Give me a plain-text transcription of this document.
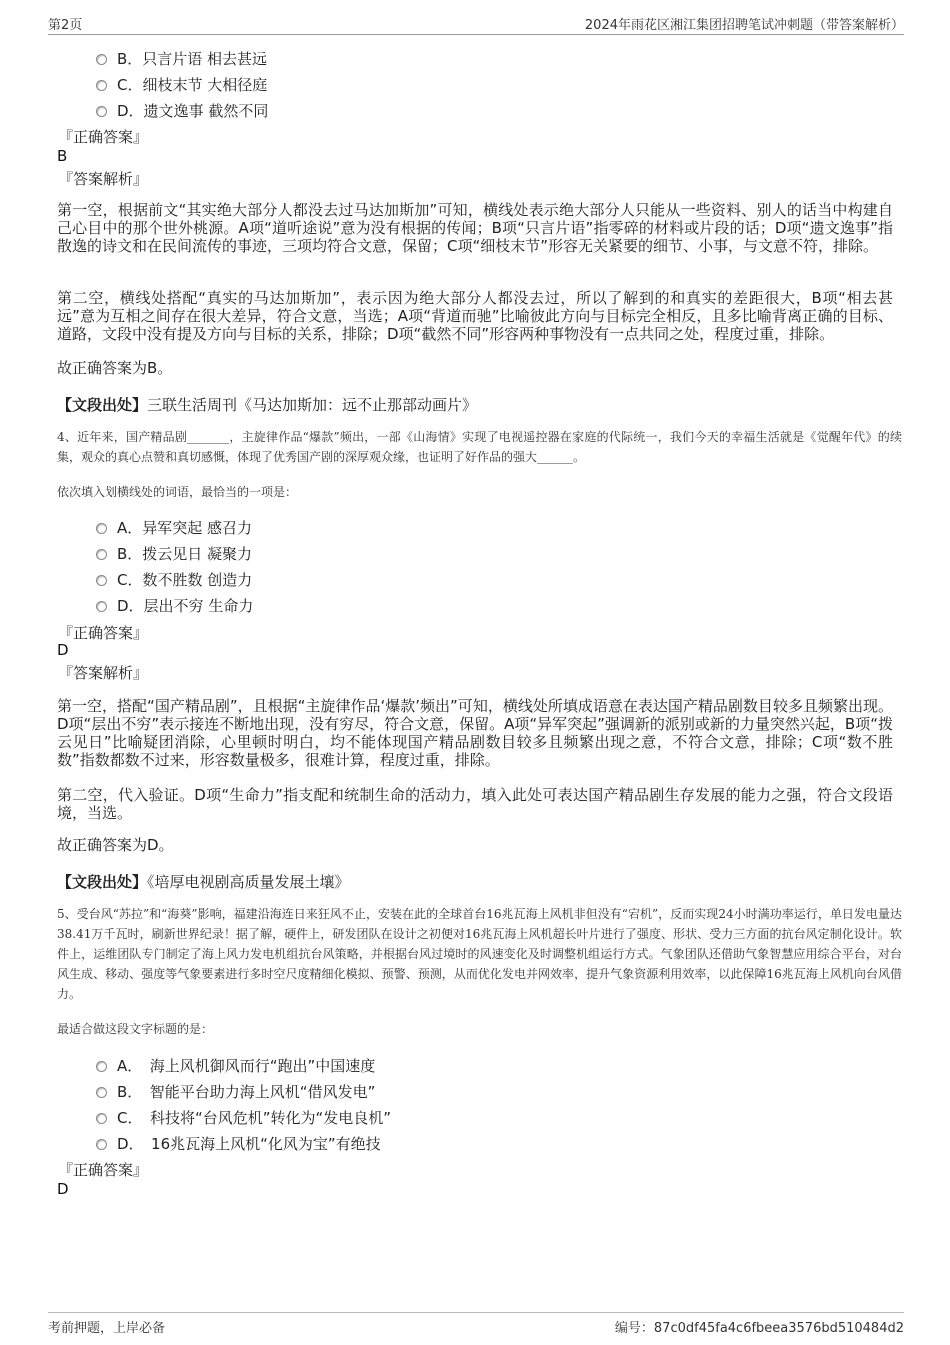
第2页	2024年雨花区湘江集团招聘笔试冲刺题（带答案解析）
B．只言片语 相去甚远
C．细枝末节 大相径庭
D．遗文逸事 截然不同
『正确答案』
B
『答案解析』
第一空，根据前文“其实绝大部分人都没去过马达加斯加”可知，横线处表示绝大部分人只能从一些资料、别人的话当中构建自己心目中的那个世外桃源。A项“道听途说”意为没有根据的传闻；B项“只言片语”指零碎的材料或片段的话；D项“遗文逸事”指散逸的诗文和在民间流传的事迹，三项均符合文意，保留；C项“细枝末节”形容无关紧要的细节、小事，与文意不符，排除。
第二空，横线处搭配“真实的马达加斯加”，表示因为绝大部分人都没去过，所以了解到的和真实的差距很大，B项“相去甚远”意为互相之间存在很大差异，符合文意，当选；A项“背道而驰”比喻彼此方向与目标完全相反，且多比喻背离正确的目标、道路，文段中没有提及方向与目标的关系，排除；D项“截然不同”形容两种事物没有一点共同之处，程度过重，排除。
故正确答案为B。
【文段出处】三联生活周刊《马达加斯加：远不止那部动画片》
4、近年来，国产精品剧_______，主旋律作品“爆款”频出，一部《山海情》实现了电视遥控器在家庭的代际统一，我们今天的幸福生活就是《觉醒年代》的续集，观众的真心点赞和真切感慨，体现了优秀国产剧的深厚观众缘，也证明了好作品的强大______。
依次填入划横线处的词语，最恰当的一项是：
A．异军突起 感召力
B．拨云见日 凝聚力
C．数不胜数 创造力
D．层出不穷 生命力
『正确答案』
D
『答案解析』
第一空，搭配“国产精品剧”，且根据“主旋律作品‘爆款’频出”可知，横线处所填成语意在表达国产精品剧数目较多且频繁出现。D项“层出不穷”表示接连不断地出现，没有穷尽，符合文意，保留。A项“异军突起”强调新的派别或新的力量突然兴起，B项“拨云见日”比喻疑团消除，心里顿时明白，均不能体现国产精品剧数目较多且频繁出现之意，不符合文意，排除；C项“数不胜数”指数都数不过来，形容数量极多，很难计算，程度过重，排除。
第二空，代入验证。D项“生命力”指支配和统制生命的活动力，填入此处可表达国产精品剧生存发展的能力之强，符合文段语境，当选。
故正确答案为D。
【文段出处】《培厚电视剧高质量发展土壤》
5、受台风“苏拉”和“海葵”影响，福建沿海连日来狂风不止，安装在此的全球首台16兆瓦海上风机非但没有“宕机”，反而实现24小时满功率运行，单日发电量达38.41万千瓦时，刷新世界纪录！据了解，硬件上，研发团队在设计之初便对16兆瓦海上风机超长叶片进行了强度、形状、受力三方面的抗台风定制化设计。软件上，运维团队专门制定了海上风力发电机组抗台风策略，并根据台风过境时的风速变化及时调整机组运行方式。气象团队还借助气象智慧应用综合平台，对台风生成、移动、强度等气象要素进行多时空尺度精细化模拟、预警、预测，从而优化发电并网效率，提升气象资源利用效率，以此保障16兆瓦海上风机向台风借力。
最适合做这段文字标题的是：
A．　海上风机御风而行“跑出”中国速度
B．　智能平台助力海上风机“借风发电”
C．　科技将“台风危机”转化为“发电良机”
D．　16兆瓦海上风机“化风为宝”有绝技
『正确答案』
D
考前押题，上岸必备	编号：87c0df45fa4c6fbeea3576bd510484d2
